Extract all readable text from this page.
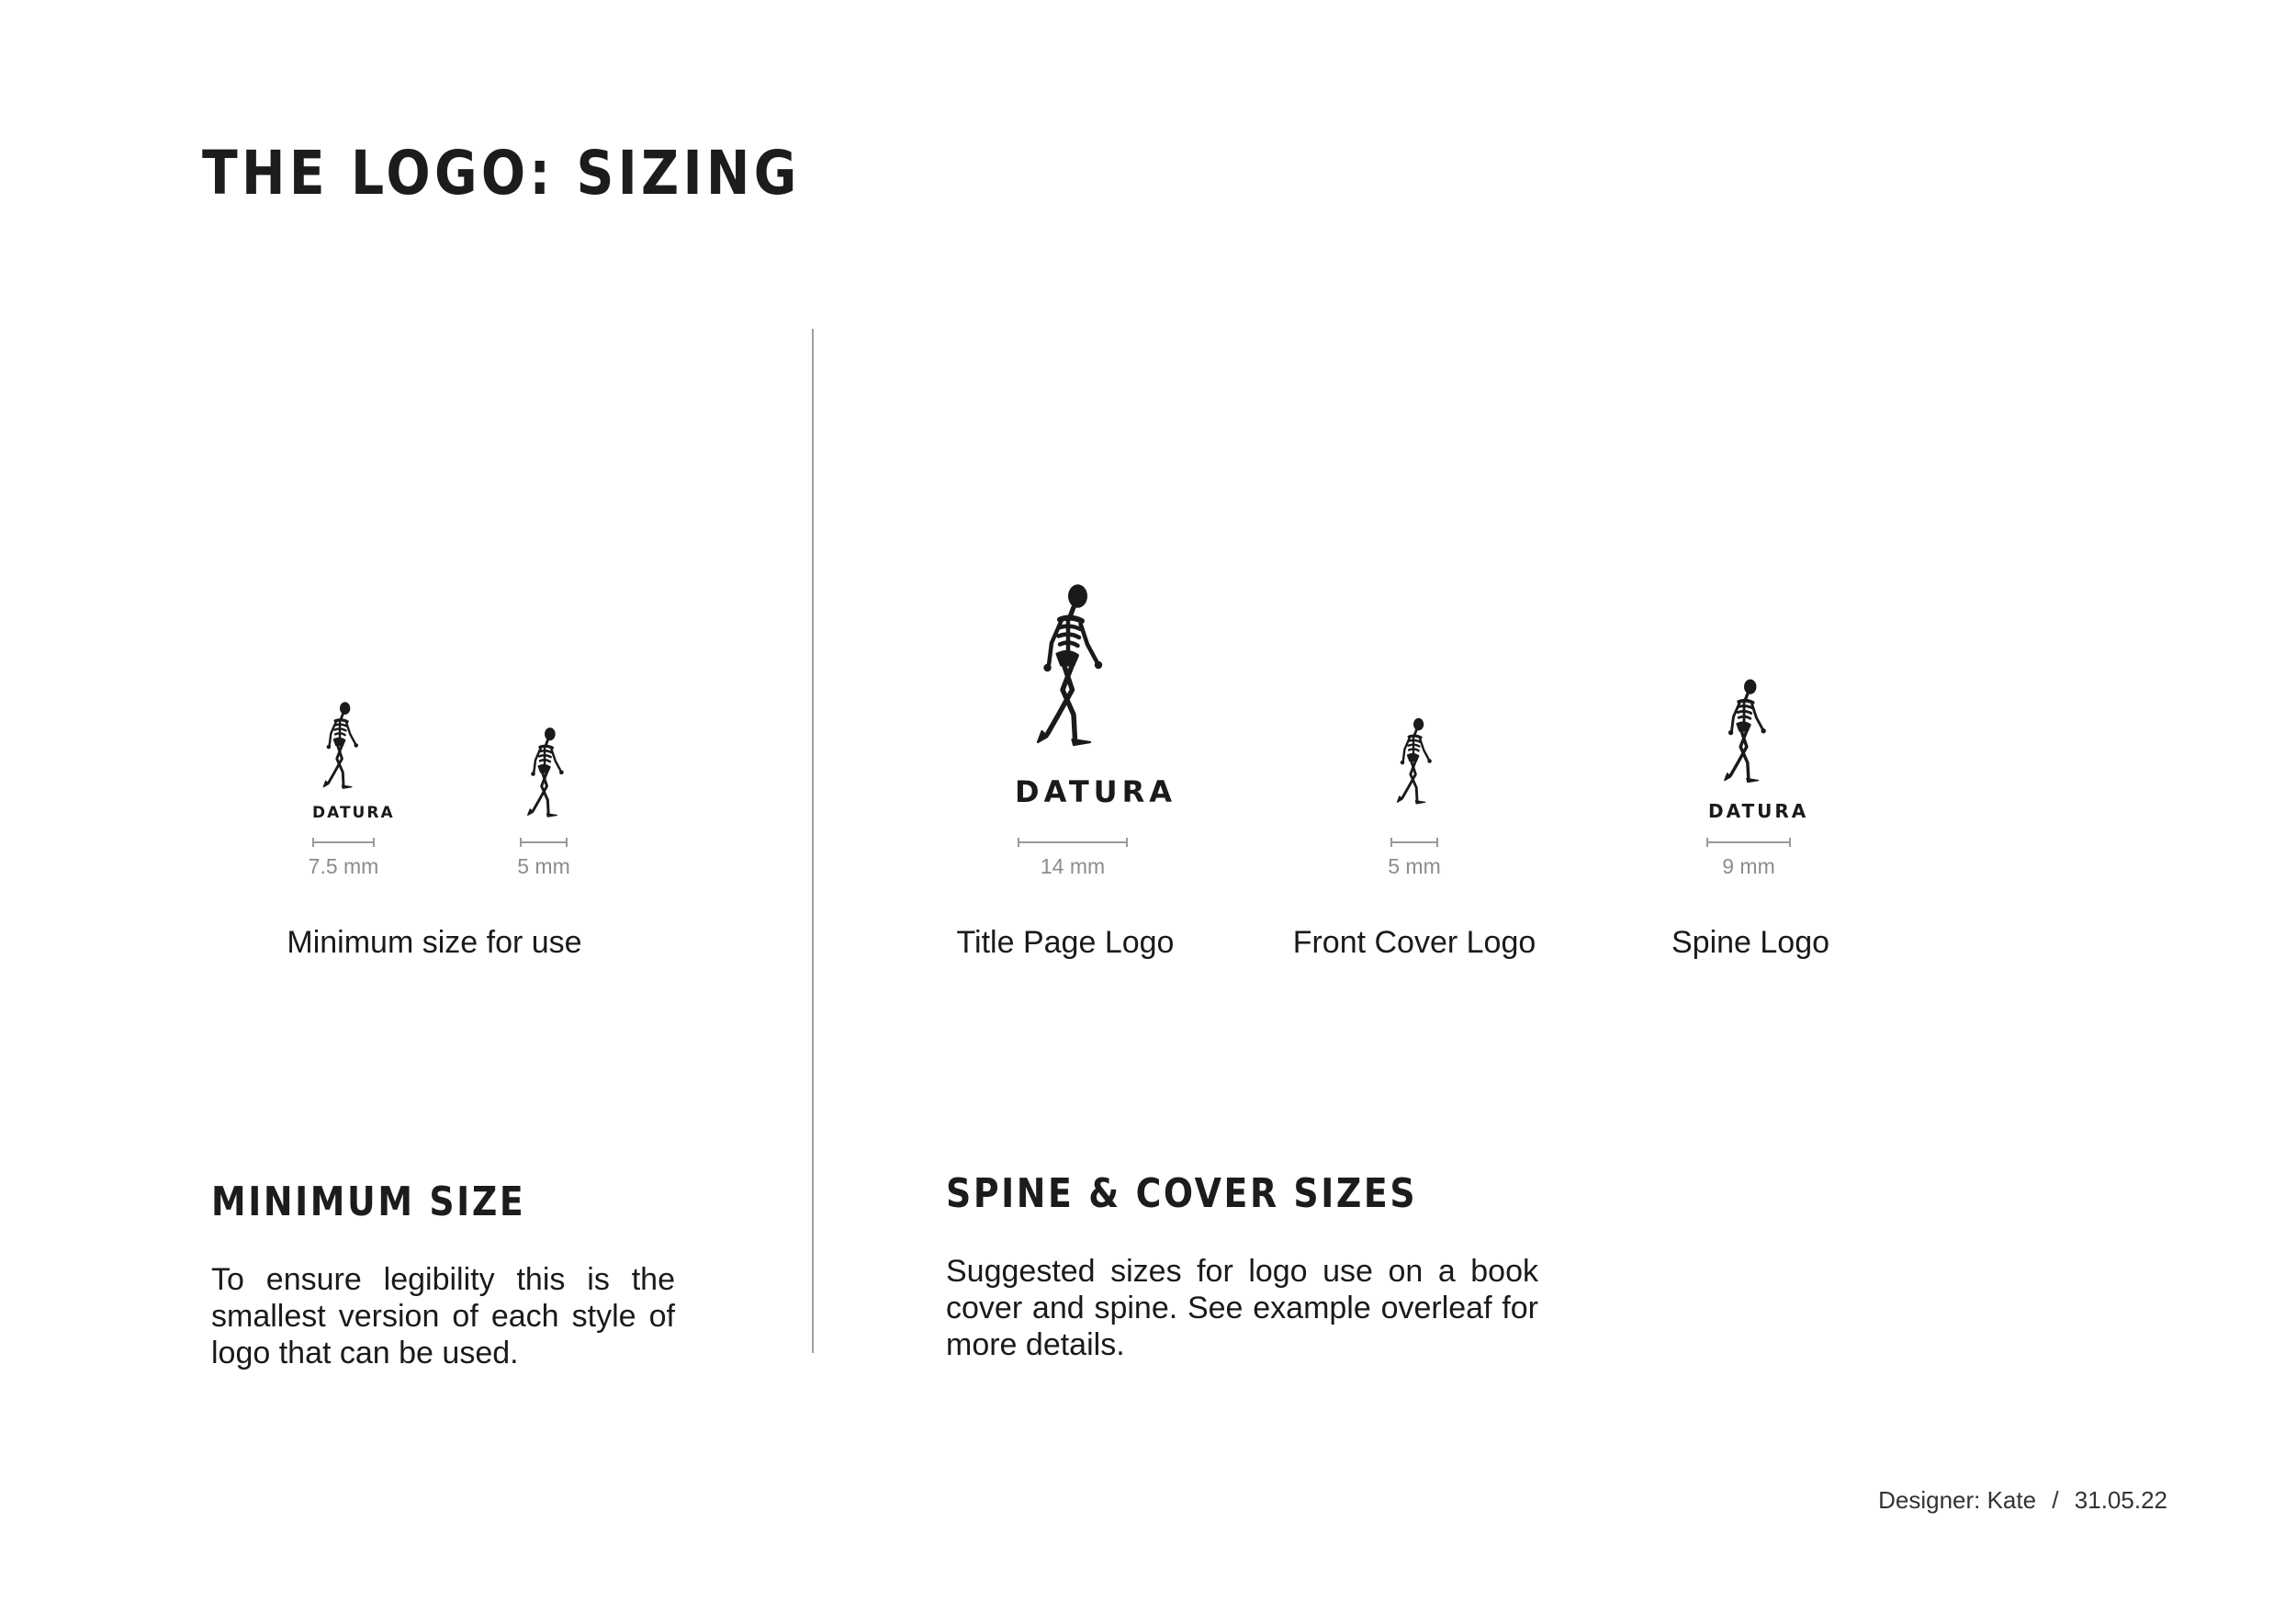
THE LOGO: SIZING
DATURA
7.5 mm	5 mm
Minimum size for use
DATURA
14 mm
Title Page Logo
5 mm
Front Cover Logo
DATURA
9 mm
Spine Logo
MINIMUM SIZE

To ensure legibility this is the smallest version of each style of logo that can be used.

SPINE & COVER SIZES

Suggested sizes for logo use on a book cover and spine. See example overleaf for more details.

Designer: Kate / 31.05.22
